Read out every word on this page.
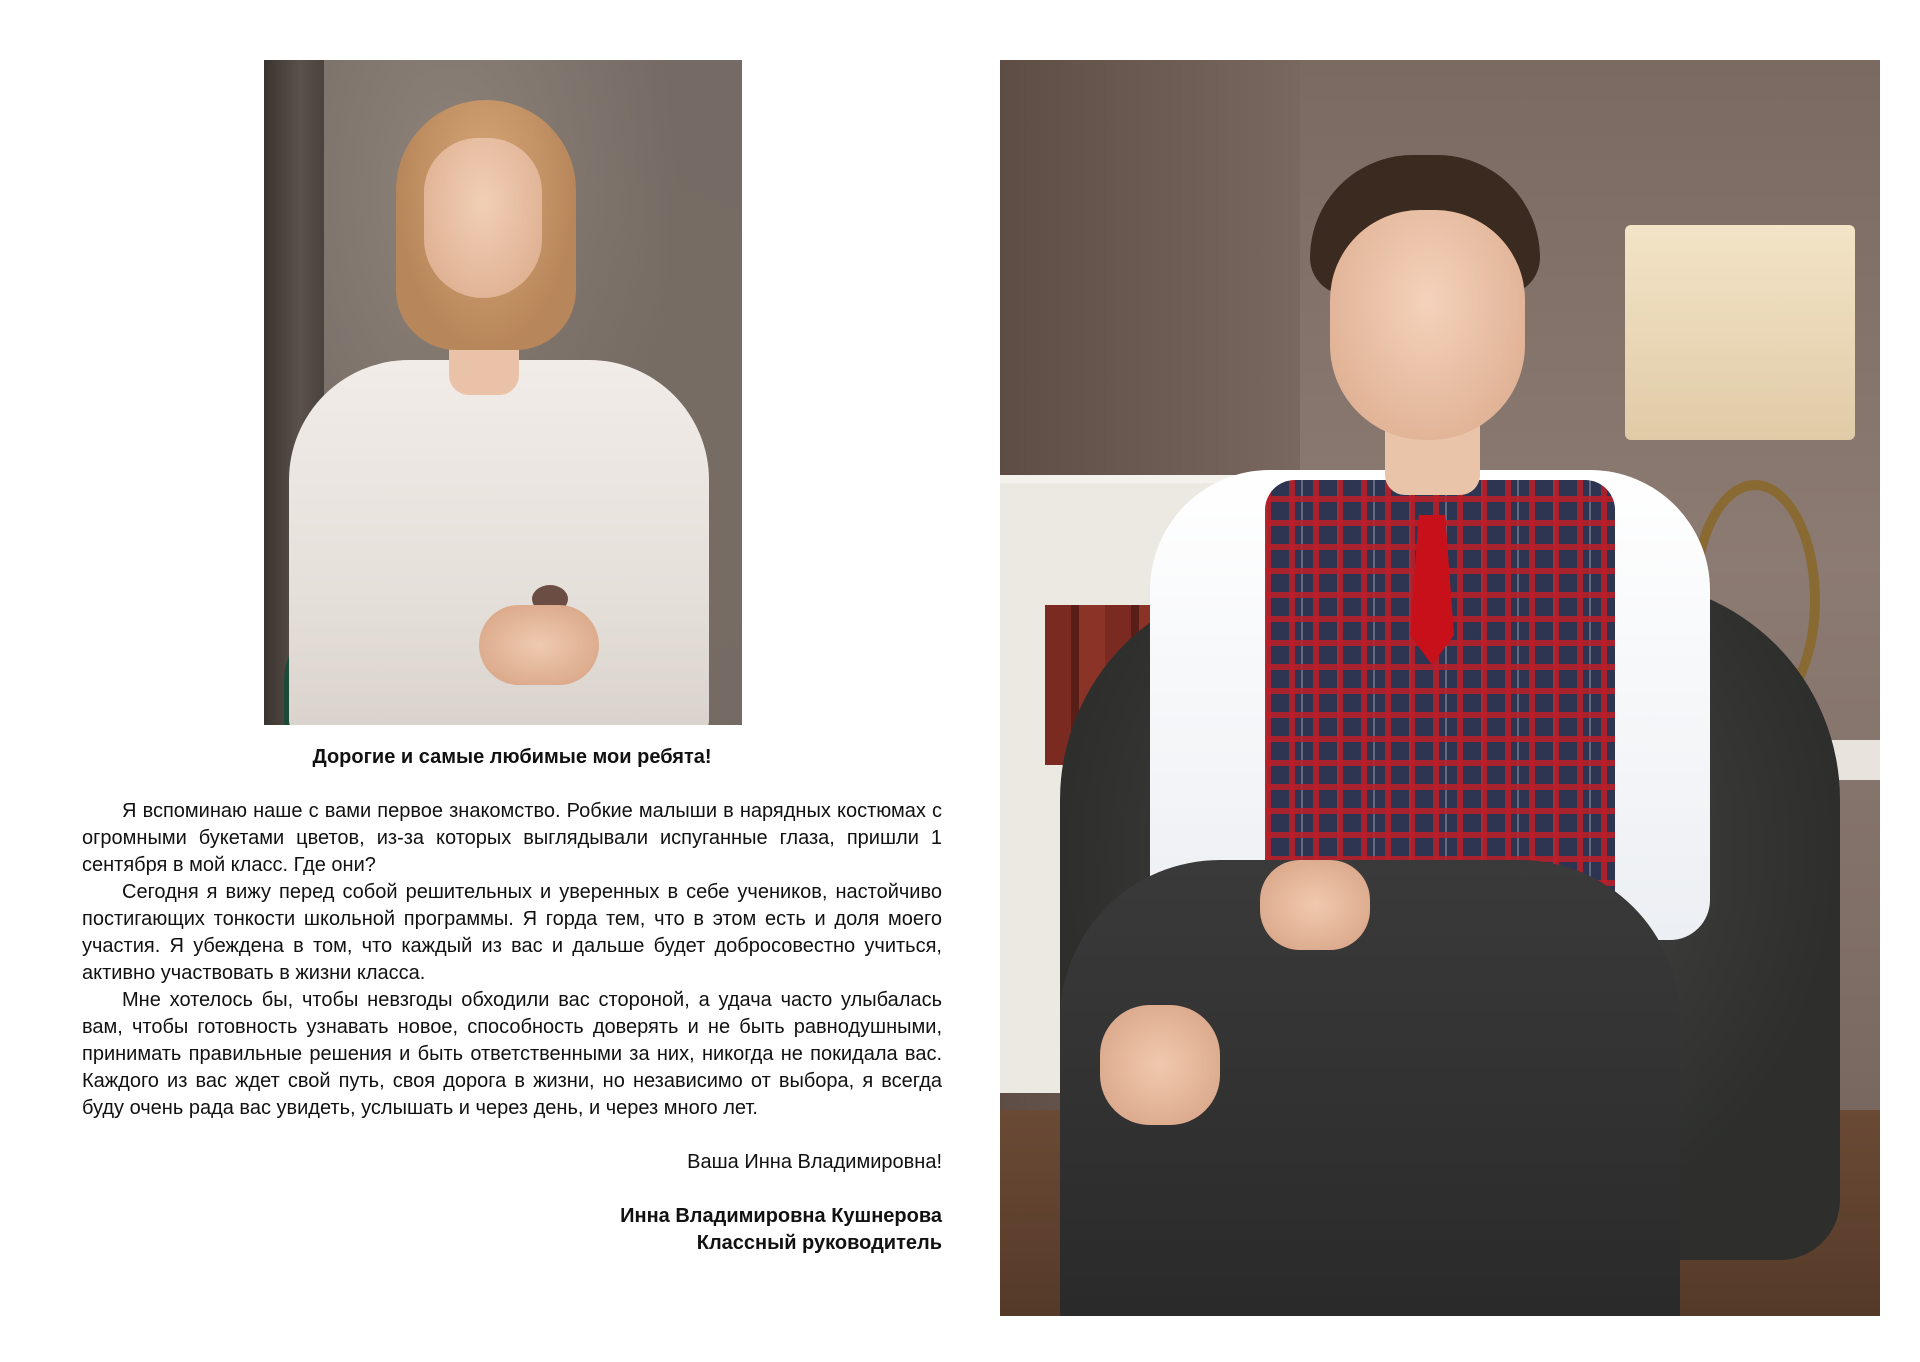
Дорогие и самые любимые мои ребята!

Я вспоминаю наше с вами первое знакомство. Робкие малыши в нарядных костюмах с огромными букетами цветов, из-за которых выглядывали испуганные глаза, пришли 1 сентября в мой класс. Где они?

Сегодня я вижу перед собой решительных и уверенных в себе учеников, настойчиво постигающих тонкости школьной программы. Я горда тем, что в этом есть и доля моего участия. Я убеждена в том, что каждый из вас и дальше будет добросовестно учиться, активно участвовать в жизни класса.

Мне хотелось бы, чтобы невзгоды обходили вас стороной, а удача часто улыбалась вам, чтобы готовность узнавать новое, способность доверять и не быть равнодушными, принимать правильные решения и быть ответственными за них, никогда не покидала вас. Каждого из вас ждет свой путь, своя дорога в жизни, но независимо от выбора, я всегда буду очень рада вас увидеть, услышать и через день, и через много лет.

Ваша Инна Владимировна!

Инна Владимировна Кушнерова
Классный руководитель
